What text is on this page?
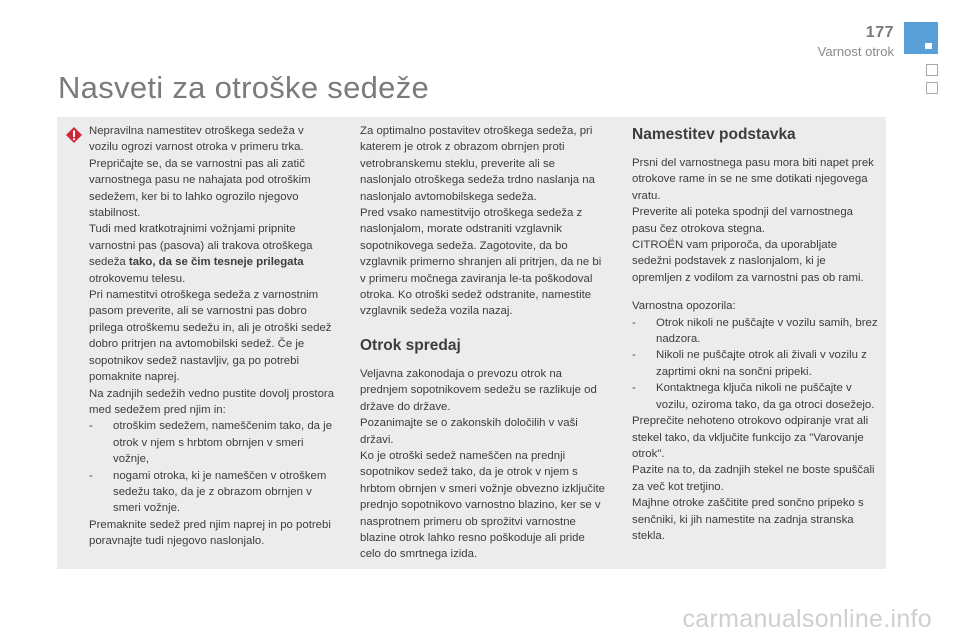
177
Varnost otrok
Nasveti za otroške sedeže

Nepravilna namestitev otroškega sedeža v vozilu ogrozi varnost otroka v primeru trka.

Prepričajte se, da se varnostni pas ali zatič varnostnega pasu ne nahajata pod otroškim sedežem, ker bi to lahko ogrozilo njegovo stabilnost.

Tudi med kratkotrajnimi vožnjami pripnite varnostni pas (pasova) ali trakova otroškega sedeža tako, da se čim tesneje prilegata otrokovemu telesu.

Pri namestitvi otroškega sedeža z varnostnim pasom preverite, ali se varnostni pas dobro prilega otroškemu sedežu in, ali je otroški sedež dobro pritrjen na avtomobilski sedež. Če je sopotnikov sedež nastavljiv, ga po potrebi pomaknite naprej.

Na zadnjih sedežih vedno pustite dovolj prostora med sedežem pred njim in:

-	otroškim sedežem, nameščenim tako, da je otrok v njem s hrbtom obrnjen v smeri vožnje,
-	nogami otroka, ki je nameščen v otroškem sedežu tako, da je z obrazom obrnjen v smeri vožnje.

Premaknite sedež pred njim naprej in po potrebi poravnajte tudi njegovo naslonjalo.

Za optimalno postavitev otroškega sedeža, pri katerem je otrok z obrazom obrnjen proti vetrobranskemu steklu, preverite ali se naslonjalo otroškega sedeža trdno naslanja na naslonjalo avtomobilskega sedeža.

Pred vsako namestitvijo otroškega sedeža z naslonjalom, morate odstraniti vzglavnik sopotnikovega sedeža. Zagotovite, da bo vzglavnik primerno shranjen ali pritrjen, da ne bi v primeru močnega zaviranja le-ta poškodoval otroka. Ko otroški sedež odstranite, namestite vzglavnik sedeža vozila nazaj.

Otrok spredaj

Veljavna zakonodaja o prevozu otrok na prednjem sopotnikovem sedežu se razlikuje od države do države.

Pozanimajte se o zakonskih določilih v vaši državi.

Ko je otroški sedež nameščen na prednji sopotnikov sedež tako, da je otrok v njem s hrbtom obrnjen v smeri vožnje obvezno izklju​čite prednjo sopotnikovo varnostno blazino, ker se v nasprotnem primeru ob sprožitvi varnostne blazine otrok lahko resno poškoduje ali pride celo do smrtnega izida.

Namestitev podstavka

Prsni del varnostnega pasu mora biti napet prek otrokove rame in se ne sme dotikati njegovega vratu.

Preverite ali poteka spodnji del varnostnega pasu čez otrokova stegna.

CITROËN vam priporoča, da uporabljate sedežni podstavek z naslonjalom, ki je opremljen z vodilom za varnostni pas ob rami.

Varnostna opozorila:

-	Otrok nikoli ne puščajte v vozilu samih, brez nadzora.
-	Nikoli ne puščajte otrok ali živali v vozilu z zaprtimi okni na sončni pripeki.
-	Kontaktnega ključa nikoli ne puščajte v vozilu, oziroma tako, da ga otroci dosežejo.

Preprečite nehoteno otrokovo odpiranje vrat ali stekel tako, da vključite funkcijo za "Varovanje otrok".

Pazite na to, da zadnjih stekel ne boste spuščali za več kot tretjino.

Majhne otroke zaščitite pred sončno pripeko s senčniki, ki jih namestite na zadnja stranska stekla.

carmanualsonline.info
